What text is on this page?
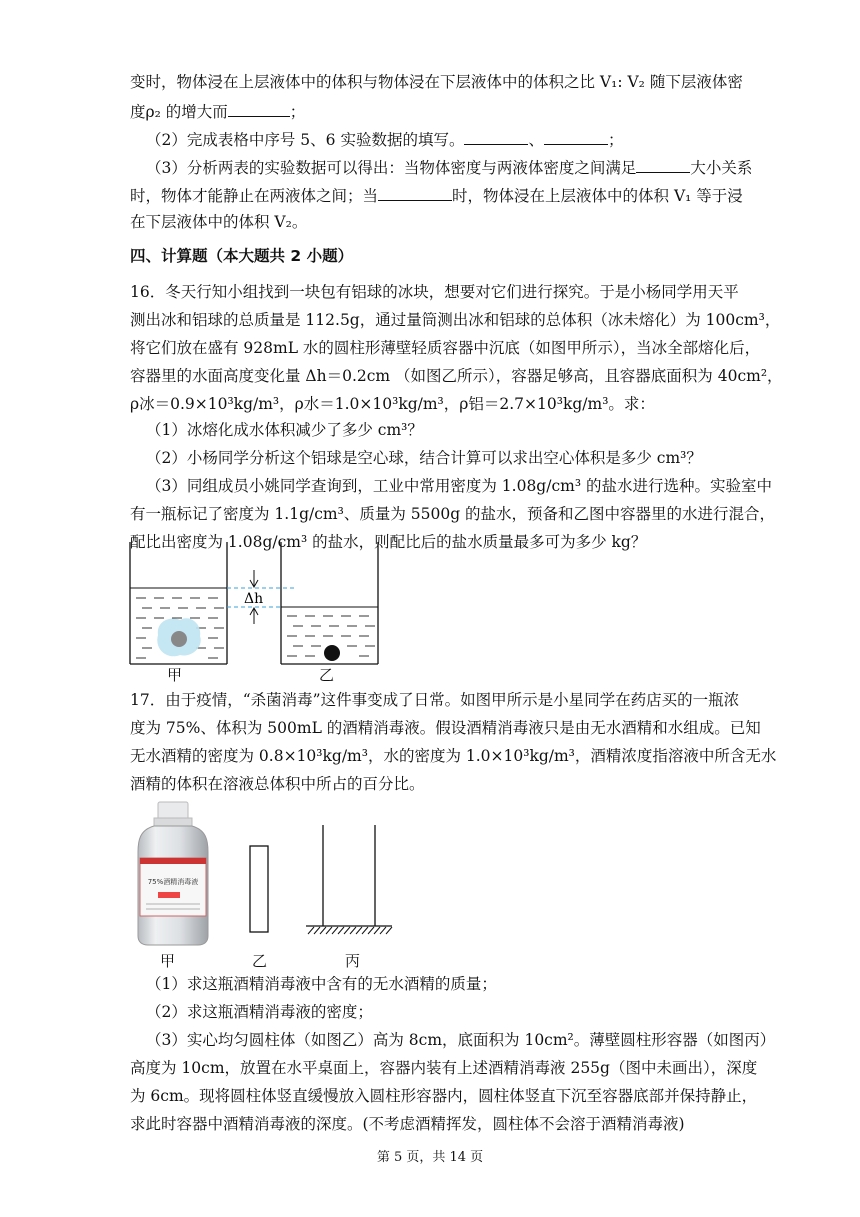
变时，物体浸在上层液体中的体积与物体浸在下层液体中的体积之比 V₁: V₂ 随下层液体密
度ρ₂ 的增大而	；
（2）完成表格中序号 5、6 实验数据的填写。	、	；
（3）分析两表的实验数据可以得出：当物体密度与两液体密度之间满足	大小关系
时，物体才能静止在两液体之间；当	时，物体浸在上层液体中的体积 V₁ 等于浸
在下层液体中的体积 V₂。
四、计算题（本大题共 2 小题）
16．冬天行知小组找到一块包有铝球的冰块，想要对它们进行探究。于是小杨同学用天平
测出冰和铝球的总质量是 112.5g，通过量筒测出冰和铝球的总体积（冰未熔化）为 100cm³，
将它们放在盛有 928mL 水的圆柱形薄壁轻质容器中沉底（如图甲所示），当冰全部熔化后，
容器里的水面高度变化量 Δh＝0.2cm （如图乙所示），容器足够高，且容器底面积为 40cm²，
ρ冰＝0.9×10³kg/m³，ρ水＝1.0×10³kg/m³，ρ铝＝2.7×10³kg/m³。求：
（1）冰熔化成水体积减少了多少 cm³？
（2）小杨同学分析这个铝球是空心球，结合计算可以求出空心体积是多少 cm³？
（3）同组成员小姚同学查询到，工业中常用密度为 1.08g/cm³ 的盐水进行选种。实验室中
有一瓶标记了密度为 1.1g/cm³、质量为 5500g 的盐水，预备和乙图中容器里的水进行混合，
配比出密度为 1.08g/cm³ 的盐水，则配比后的盐水质量最多可为多少 kg？
Δh
甲	乙
17．由于疫情，“杀菌消毒”这件事变成了日常。如图甲所示是小星同学在药店买的一瓶浓
度为 75%、体积为 500mL 的酒精消毒液。假设酒精消毒液只是由无水酒精和水组成。已知
无水酒精的密度为 0.8×10³kg/m³，水的密度为 1.0×10³kg/m³，酒精浓度指溶液中所含无水
酒精的体积在溶液总体积中所占的百分比。
75%酒精消毒液
甲	乙	丙
（1）求这瓶酒精消毒液中含有的无水酒精的质量；
（2）求这瓶酒精消毒液的密度；
（3）实心均匀圆柱体（如图乙）高为 8cm，底面积为 10cm²。薄壁圆柱形容器（如图丙）
高度为 10cm，放置在水平桌面上，容器内装有上述酒精消毒液 255g（图中未画出），深度
为 6cm。现将圆柱体竖直缓慢放入圆柱形容器内，圆柱体竖直下沉至容器底部并保持静止，
求此时容器中酒精消毒液的深度。(不考虑酒精挥发，圆柱体不会溶于酒精消毒液)
第 5 页，共 14 页
